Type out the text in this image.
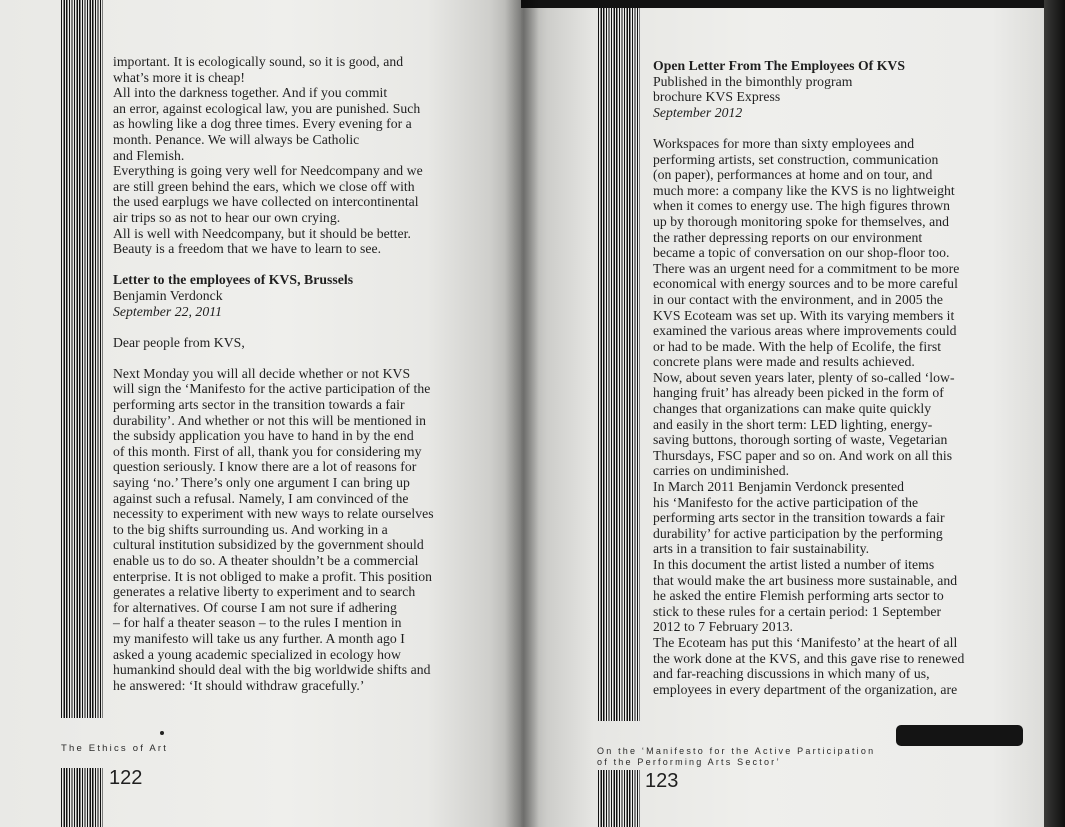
important. It is ecologically sound, so it is good, and

what’s more it is cheap!

All into the darkness together. And if you commit

an error, against ecological law, you are punished. Such

as howling like a dog three times. Every evening for a

month. Penance. We will always be Catholic

and Flemish.

Everything is going very well for Needcompany and we

are still green behind the ears, which we close off with

the used earplugs we have collected on intercontinental

air trips so as not to hear our own crying.

All is well with Needcompany, but it should be better.

Beauty is a freedom that we have to learn to see.

Letter to the employees of KVS, Brussels

Benjamin Verdonck

September 22, 2011

Dear people from KVS,

Next Monday you will all decide whether or not KVS

will sign the ‘Manifesto for the active participation of the

performing arts sector in the transition towards a fair

durability’. And whether or not this will be mentioned in

the subsidy application you have to hand in by the end

of this month. First of all, thank you for considering my

question seriously. I know there are a lot of reasons for

saying ‘no.’ There’s only one argument I can bring up

against such a refusal. Namely, I am convinced of the

necessity to experiment with new ways to relate ourselves

to the big shifts surrounding us. And working in a

cultural institution subsidized by the government should

enable us to do so. A theater shouldn’t be a commercial

enterprise. It is not obliged to make a profit. This position

generates a relative liberty to experiment and to search

for alternatives. Of course I am not sure if adhering

– for half a theater season – to the rules I mention in

my manifesto will take us any further. A month ago I

asked a young academic specialized in ecology how

humankind should deal with the big worldwide shifts and

he answered: ‘It should withdraw gracefully.’

The Ethics of Art
122

Open Letter From The Employees Of KVS

Published in the bimonthly program

brochure KVS Express

September 2012

Workspaces for more than sixty employees and

performing artists, set construction, communication

(on paper), performances at home and on tour, and

much more: a company like the KVS is no lightweight

when it comes to energy use. The high figures thrown

up by thorough monitoring spoke for themselves, and

the rather depressing reports on our environment

became a topic of conversation on our shop-floor too.

There was an urgent need for a commitment to be more

economical with energy sources and to be more careful

in our contact with the environment, and in 2005 the

KVS Ecoteam was set up. With its varying members it

examined the various areas where improvements could

or had to be made. With the help of Ecolife, the first

concrete plans were made and results achieved.

Now, about seven years later, plenty of so-called ‘low-

hanging fruit’ has already been picked in the form of

changes that organizations can make quite quickly

and easily in the short term: LED lighting, energy-

saving buttons, thorough sorting of waste, Vegetarian

Thursdays, FSC paper and so on. And work on all this

carries on undiminished.

In March 2011 Benjamin Verdonck presented

his ‘Manifesto for the active participation of the

performing arts sector in the transition towards a fair

durability’ for active participation by the performing

arts in a transition to fair sustainability.

In this document the artist listed a number of items

that would make the art business more sustainable, and

he asked the entire Flemish performing arts sector to

stick to these rules for a certain period: 1 September

2012 to 7 February 2013.

The Ecoteam has put this ‘Manifesto’ at the heart of all

the work done at the KVS, and this gave rise to renewed

and far-reaching discussions in which many of us,

employees in every department of the organization, are

On the ‘Manifesto for the Active Participation
of the Performing Arts Sector’
123
